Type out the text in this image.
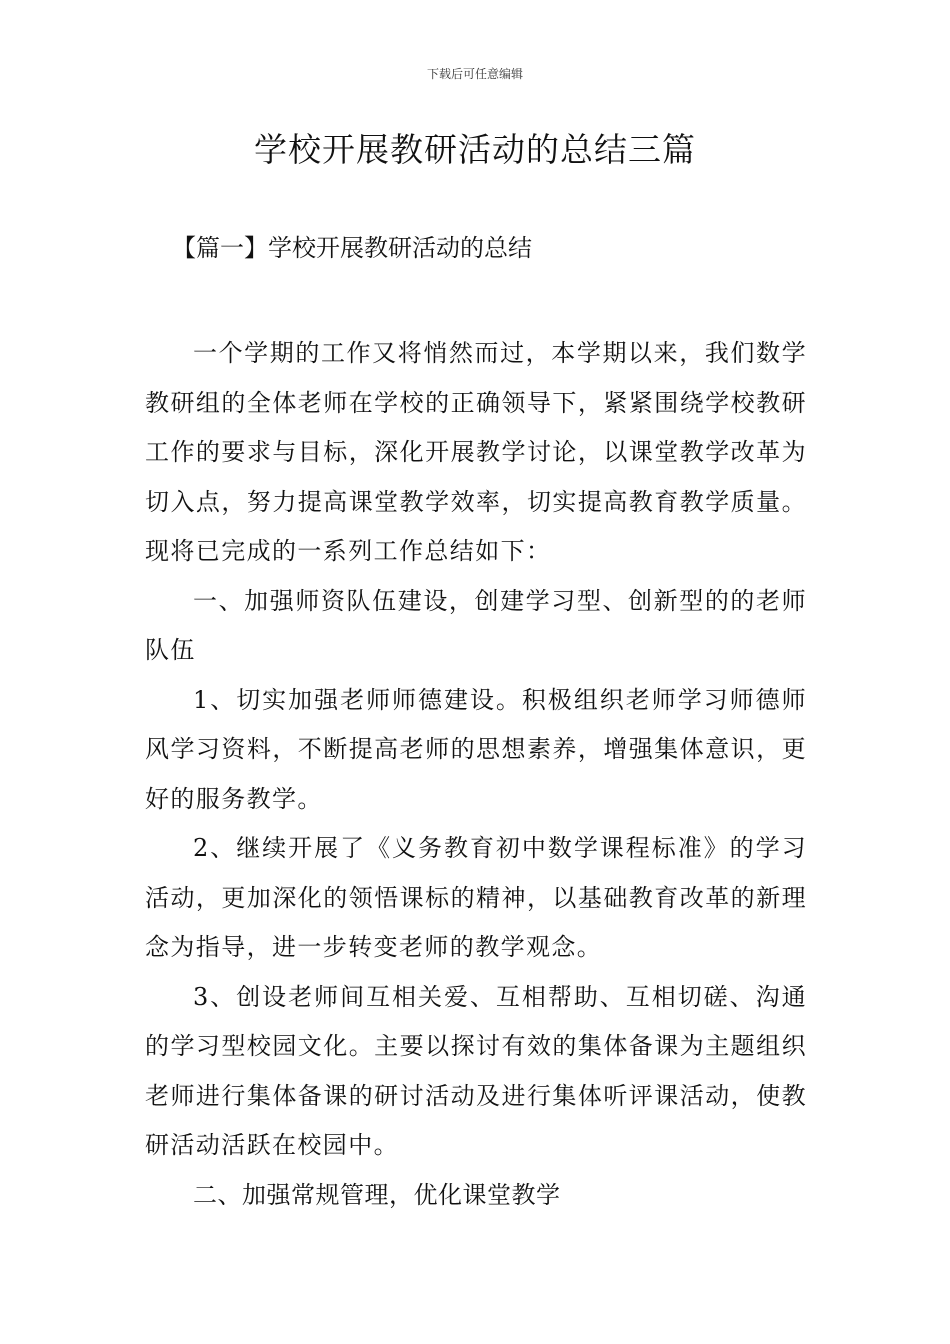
下载后可任意编辑
学校开展教研活动的总结三篇
【篇一】学校开展教研活动的总结

一个学期的工作又将悄然而过，本学期以来，我们数学教研组的全体老师在学校的正确领导下，紧紧围绕学校教研工作的要求与目标，深化开展教学讨论，以课堂教学改革为切入点，努力提高课堂教学效率，切实提高教育教学质量。现将已完成的一系列工作总结如下：

一、加强师资队伍建设，创建学习型、创新型的的老师队伍

1、切实加强老师师德建设。积极组织老师学习师德师风学习资料，不断提高老师的思想素养，增强集体意识，更好的服务教学。

2、继续开展了《义务教育初中数学课程标准》的学习活动，更加深化的领悟课标的精神，以基础教育改革的新理念为指导，进一步转变老师的教学观念。

3、创设老师间互相关爱、互相帮助、互相切磋、沟通的学习型校园文化。主要以探讨有效的集体备课为主题组织老师进行集体备课的研讨活动及进行集体听评课活动，使教研活动活跃在校园中。

二、加强常规管理，优化课堂教学
